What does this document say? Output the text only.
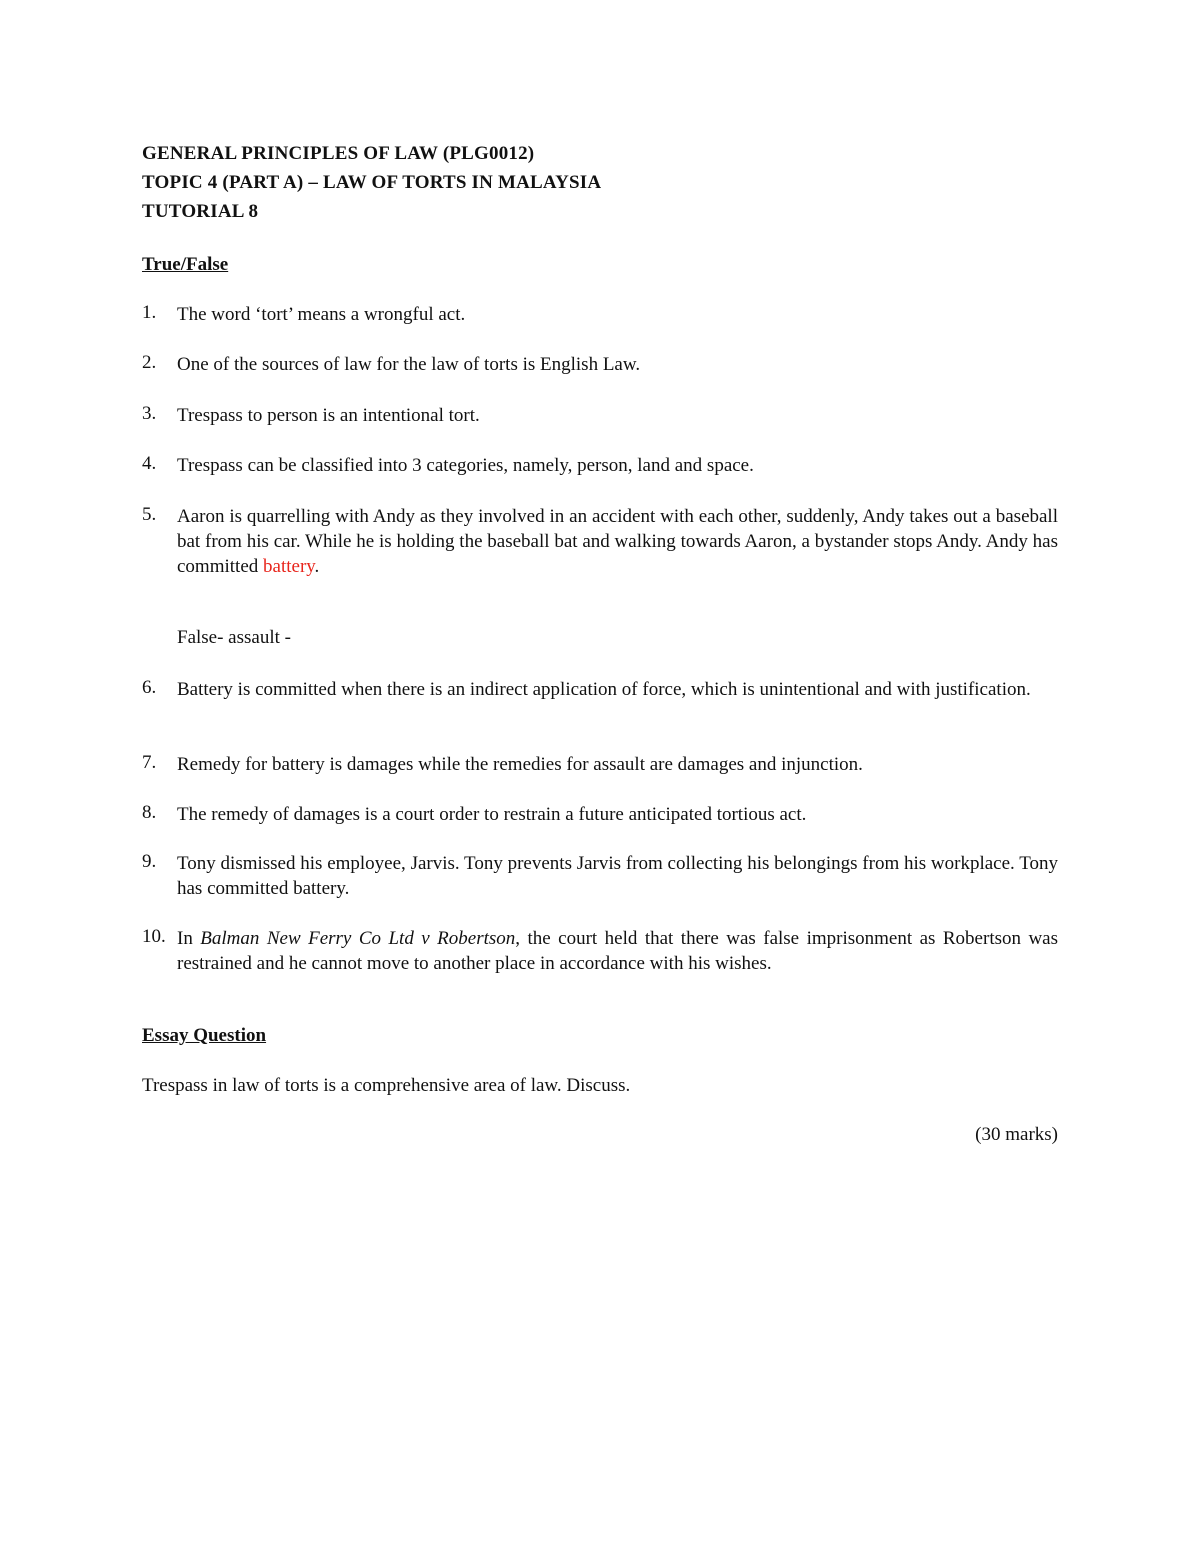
GENERAL PRINCIPLES OF LAW (PLG0012)
TOPIC 4 (PART A) – LAW OF TORTS IN MALAYSIA
TUTORIAL 8
True/False
1.	The word ‘tort’ means a wrongful act.
2.	One of the sources of law for the law of torts is English Law.
3.	Trespass to person is an intentional tort.
4.	Trespass can be classified into 3 categories, namely, person, land and space.
5.	Aaron is quarrelling with Andy as they involved in an accident with each other, suddenly, Andy takes out a baseball bat from his car. While he is holding the baseball bat and walking towards Aaron, a bystander stops Andy. Andy has committed battery.
False- assault -
6.	Battery is committed when there is an indirect application of force, which is unintentional and with justification.
7.	Remedy for battery is damages while the remedies for assault are damages and injunction.
8.	The remedy of damages is a court order to restrain a future anticipated tortious act.
9.	Tony dismissed his employee, Jarvis. Tony prevents Jarvis from collecting his belongings from his workplace. Tony has committed battery.
10. In Balman New Ferry Co Ltd v Robertson, the court held that there was false imprisonment as Robertson was restrained and he cannot move to another place in accordance with his wishes.
Essay Question
Trespass in law of torts is a comprehensive area of law. Discuss.
(30 marks)
